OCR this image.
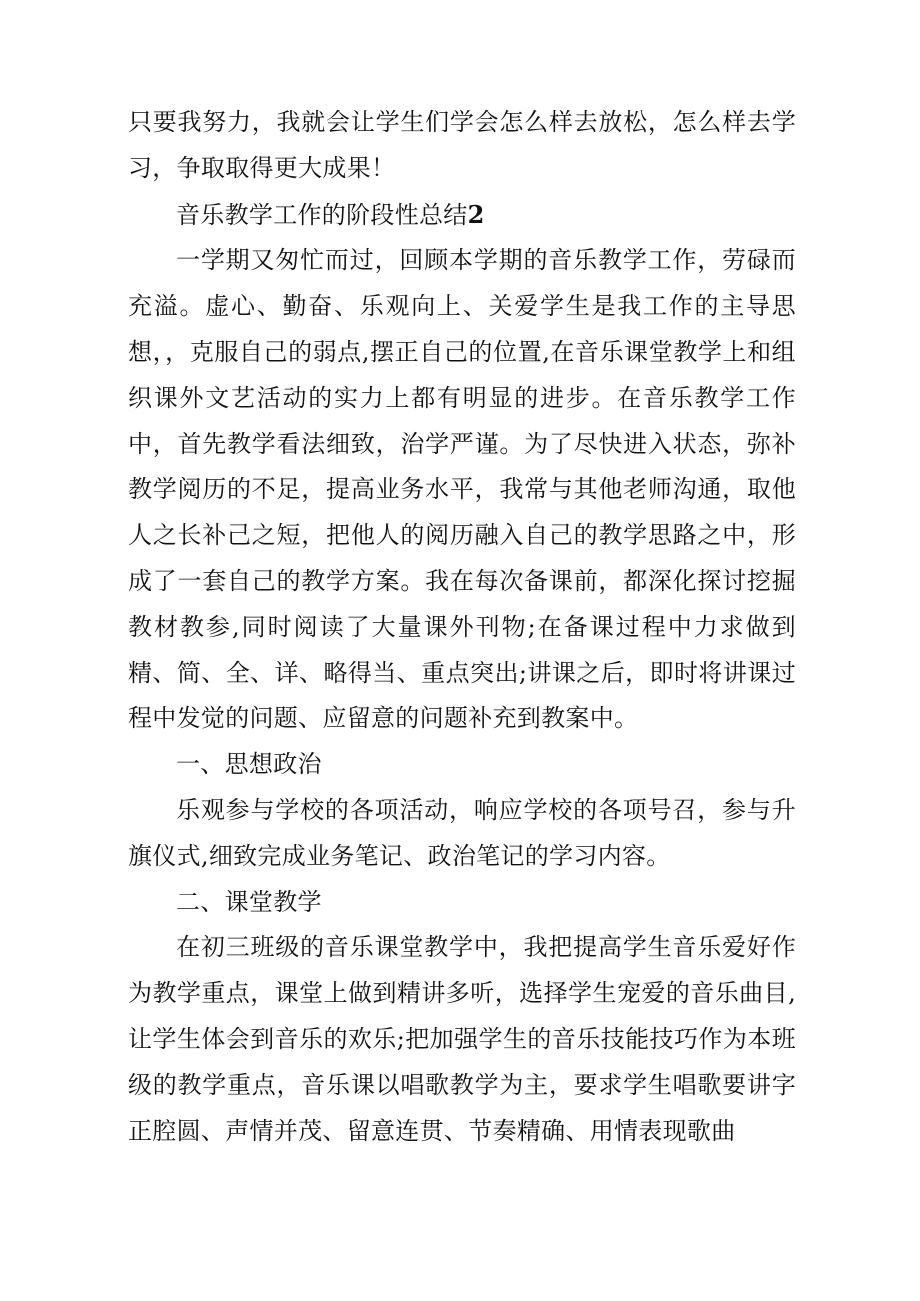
只要我努力，我就会让学生们学会怎么样去放松，怎么样去学习，争取取得更大成果！

音乐教学工作的阶段性总结2

一学期又匆忙而过，回顾本学期的音乐教学工作，劳碌而充溢。虚心、勤奋、乐观向上、关爱学生是我工作的主导思想，，克服自己的弱点,摆正自己的位置,在音乐课堂教学上和组织课外文艺活动的实力上都有明显的进步。在音乐教学工作中，首先教学看法细致，治学严谨。为了尽快进入状态，弥补教学阅历的不足，提高业务水平，我常与其他老师沟通，取他人之长补己之短，把他人的阅历融入自己的教学思路之中，形成了一套自己的教学方案。我在每次备课前，都深化探讨挖掘教材教参,同时阅读了大量课外刊物;在备课过程中力求做到精、简、全、详、略得当、重点突出;讲课之后，即时将讲课过程中发觉的问题、应留意的问题补充到教案中。

一、思想政治

乐观参与学校的各项活动，响应学校的各项号召，参与升旗仪式,细致完成业务笔记、政治笔记的学习内容。

二、课堂教学

在初三班级的音乐课堂教学中，我把提高学生音乐爱好作为教学重点，课堂上做到精讲多听，选择学生宠爱的音乐曲目,让学生体会到音乐的欢乐;把加强学生的音乐技能技巧作为本班级的教学重点，音乐课以唱歌教学为主，要求学生唱歌要讲字正腔圆、声情并茂、留意连贯、节奏精确、用情表现歌曲
